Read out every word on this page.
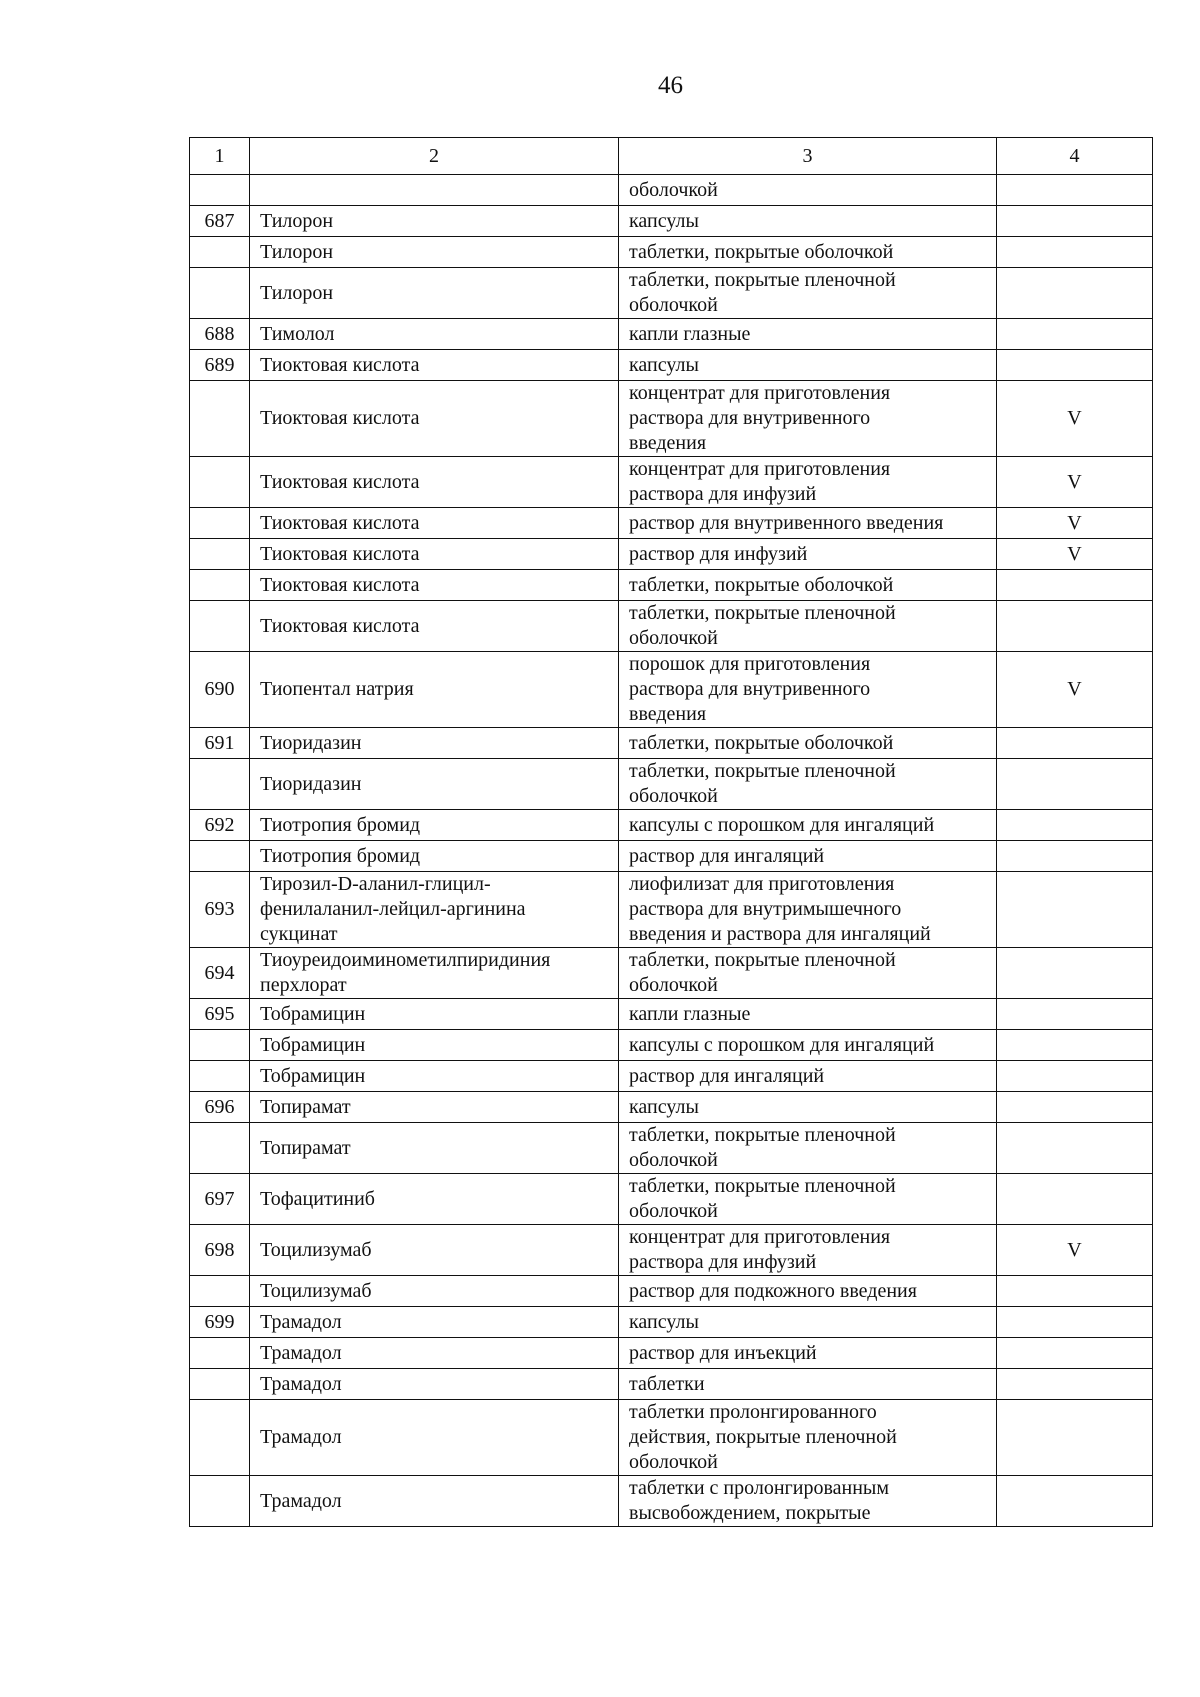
46
1	2	3	4
		оболочкой	
687	Тилорон	капсулы	
	Тилорон	таблетки, покрытые оболочкой	
	Тилорон	таблетки, покрытые пленочной
оболочкой	
688	Тимолол	капли глазные	
689	Тиоктовая кислота	капсулы	
	Тиоктовая кислота	концентрат для приготовления
раствора для внутривенного
введения	V
	Тиоктовая кислота	концентрат для приготовления
раствора для инфузий	V
	Тиоктовая кислота	раствор для внутривенного введения	V
	Тиоктовая кислота	раствор для инфузий	V
	Тиоктовая кислота	таблетки, покрытые оболочкой	
	Тиоктовая кислота	таблетки, покрытые пленочной
оболочкой	
690	Тиопентал натрия	порошок для приготовления
раствора для внутривенного
введения	V
691	Тиоридазин	таблетки, покрытые оболочкой	
	Тиоридазин	таблетки, покрытые пленочной
оболочкой	
692	Тиотропия бромид	капсулы с порошком для ингаляций	
	Тиотропия бромид	раствор для ингаляций	
693	Тирозил-D-аланил-глицил-
фенилаланил-лейцил-аргинина
сукцинат	лиофилизат для приготовления
раствора для внутримышечного
введения и раствора для ингаляций	
694	Тиоуреидоиминометилпиридиния
перхлорат	таблетки, покрытые пленочной
оболочкой	
695	Тобрамицин	капли глазные	
	Тобрамицин	капсулы с порошком для ингаляций	
	Тобрамицин	раствор для ингаляций	
696	Топирамат	капсулы	
	Топирамат	таблетки, покрытые пленочной
оболочкой	
697	Тофацитиниб	таблетки, покрытые пленочной
оболочкой	
698	Тоцилизумаб	концентрат для приготовления
раствора для инфузий	V
	Тоцилизумаб	раствор для подкожного введения	
699	Трамадол	капсулы	
	Трамадол	раствор для инъекций	
	Трамадол	таблетки	
	Трамадол	таблетки пролонгированного
действия, покрытые пленочной
оболочкой	
	Трамадол	таблетки с пролонгированным
высвобождением, покрытые	
